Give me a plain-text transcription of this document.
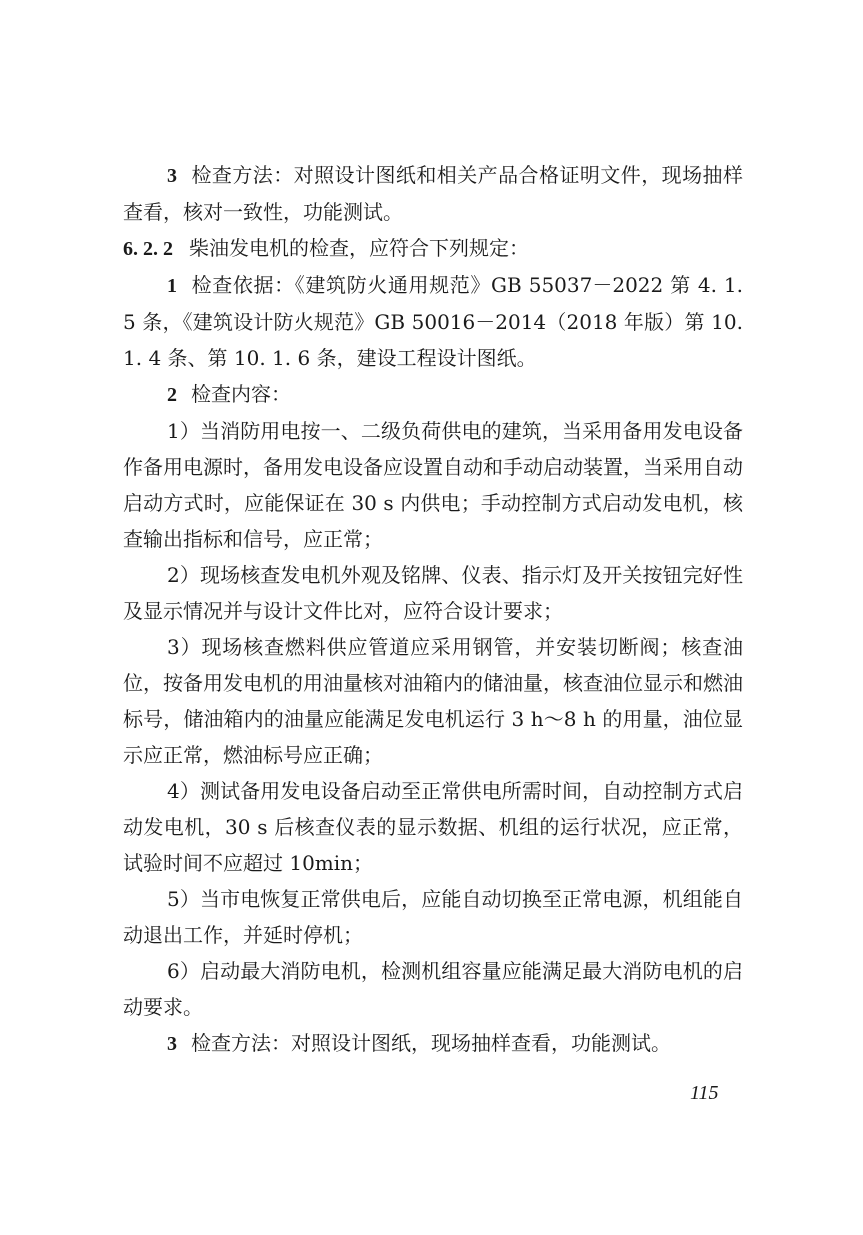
3 检查方法：对照设计图纸和相关产品合格证明文件，现场抽样查看，核对一致性，功能测试。

6. 2. 2 柴油发电机的检查，应符合下列规定：

1 检查依据：《建筑防火通用规范》GB 55037－2022 第 4. 1. 5 条，《建筑设计防火规范》GB 50016－2014（2018 年版）第 10. 1. 4 条、第 10. 1. 6 条，建设工程设计图纸。

2 检查内容：

1）当消防用电按一、二级负荷供电的建筑，当采用备用发电设备作备用电源时，备用发电设备应设置自动和手动启动装置，当采用自动启动方式时，应能保证在 30 s 内供电；手动控制方式启动发电机，核查输出指标和信号，应正常；

2）现场核查发电机外观及铭牌、仪表、指示灯及开关按钮完好性及显示情况并与设计文件比对，应符合设计要求；

3）现场核查燃料供应管道应采用钢管，并安装切断阀；核查油位，按备用发电机的用油量核对油箱内的储油量，核查油位显示和燃油标号，储油箱内的油量应能满足发电机运行 3 h～8 h 的用量，油位显示应正常，燃油标号应正确；

4）测试备用发电设备启动至正常供电所需时间，自动控制方式启动发电机，30 s 后核查仪表的显示数据、机组的运行状况，应正常，试验时间不应超过 10min；

5）当市电恢复正常供电后，应能自动切换至正常电源，机组能自动退出工作，并延时停机；

6）启动最大消防电机，检测机组容量应能满足最大消防电机的启动要求。

3 检查方法：对照设计图纸，现场抽样查看，功能测试。

115
